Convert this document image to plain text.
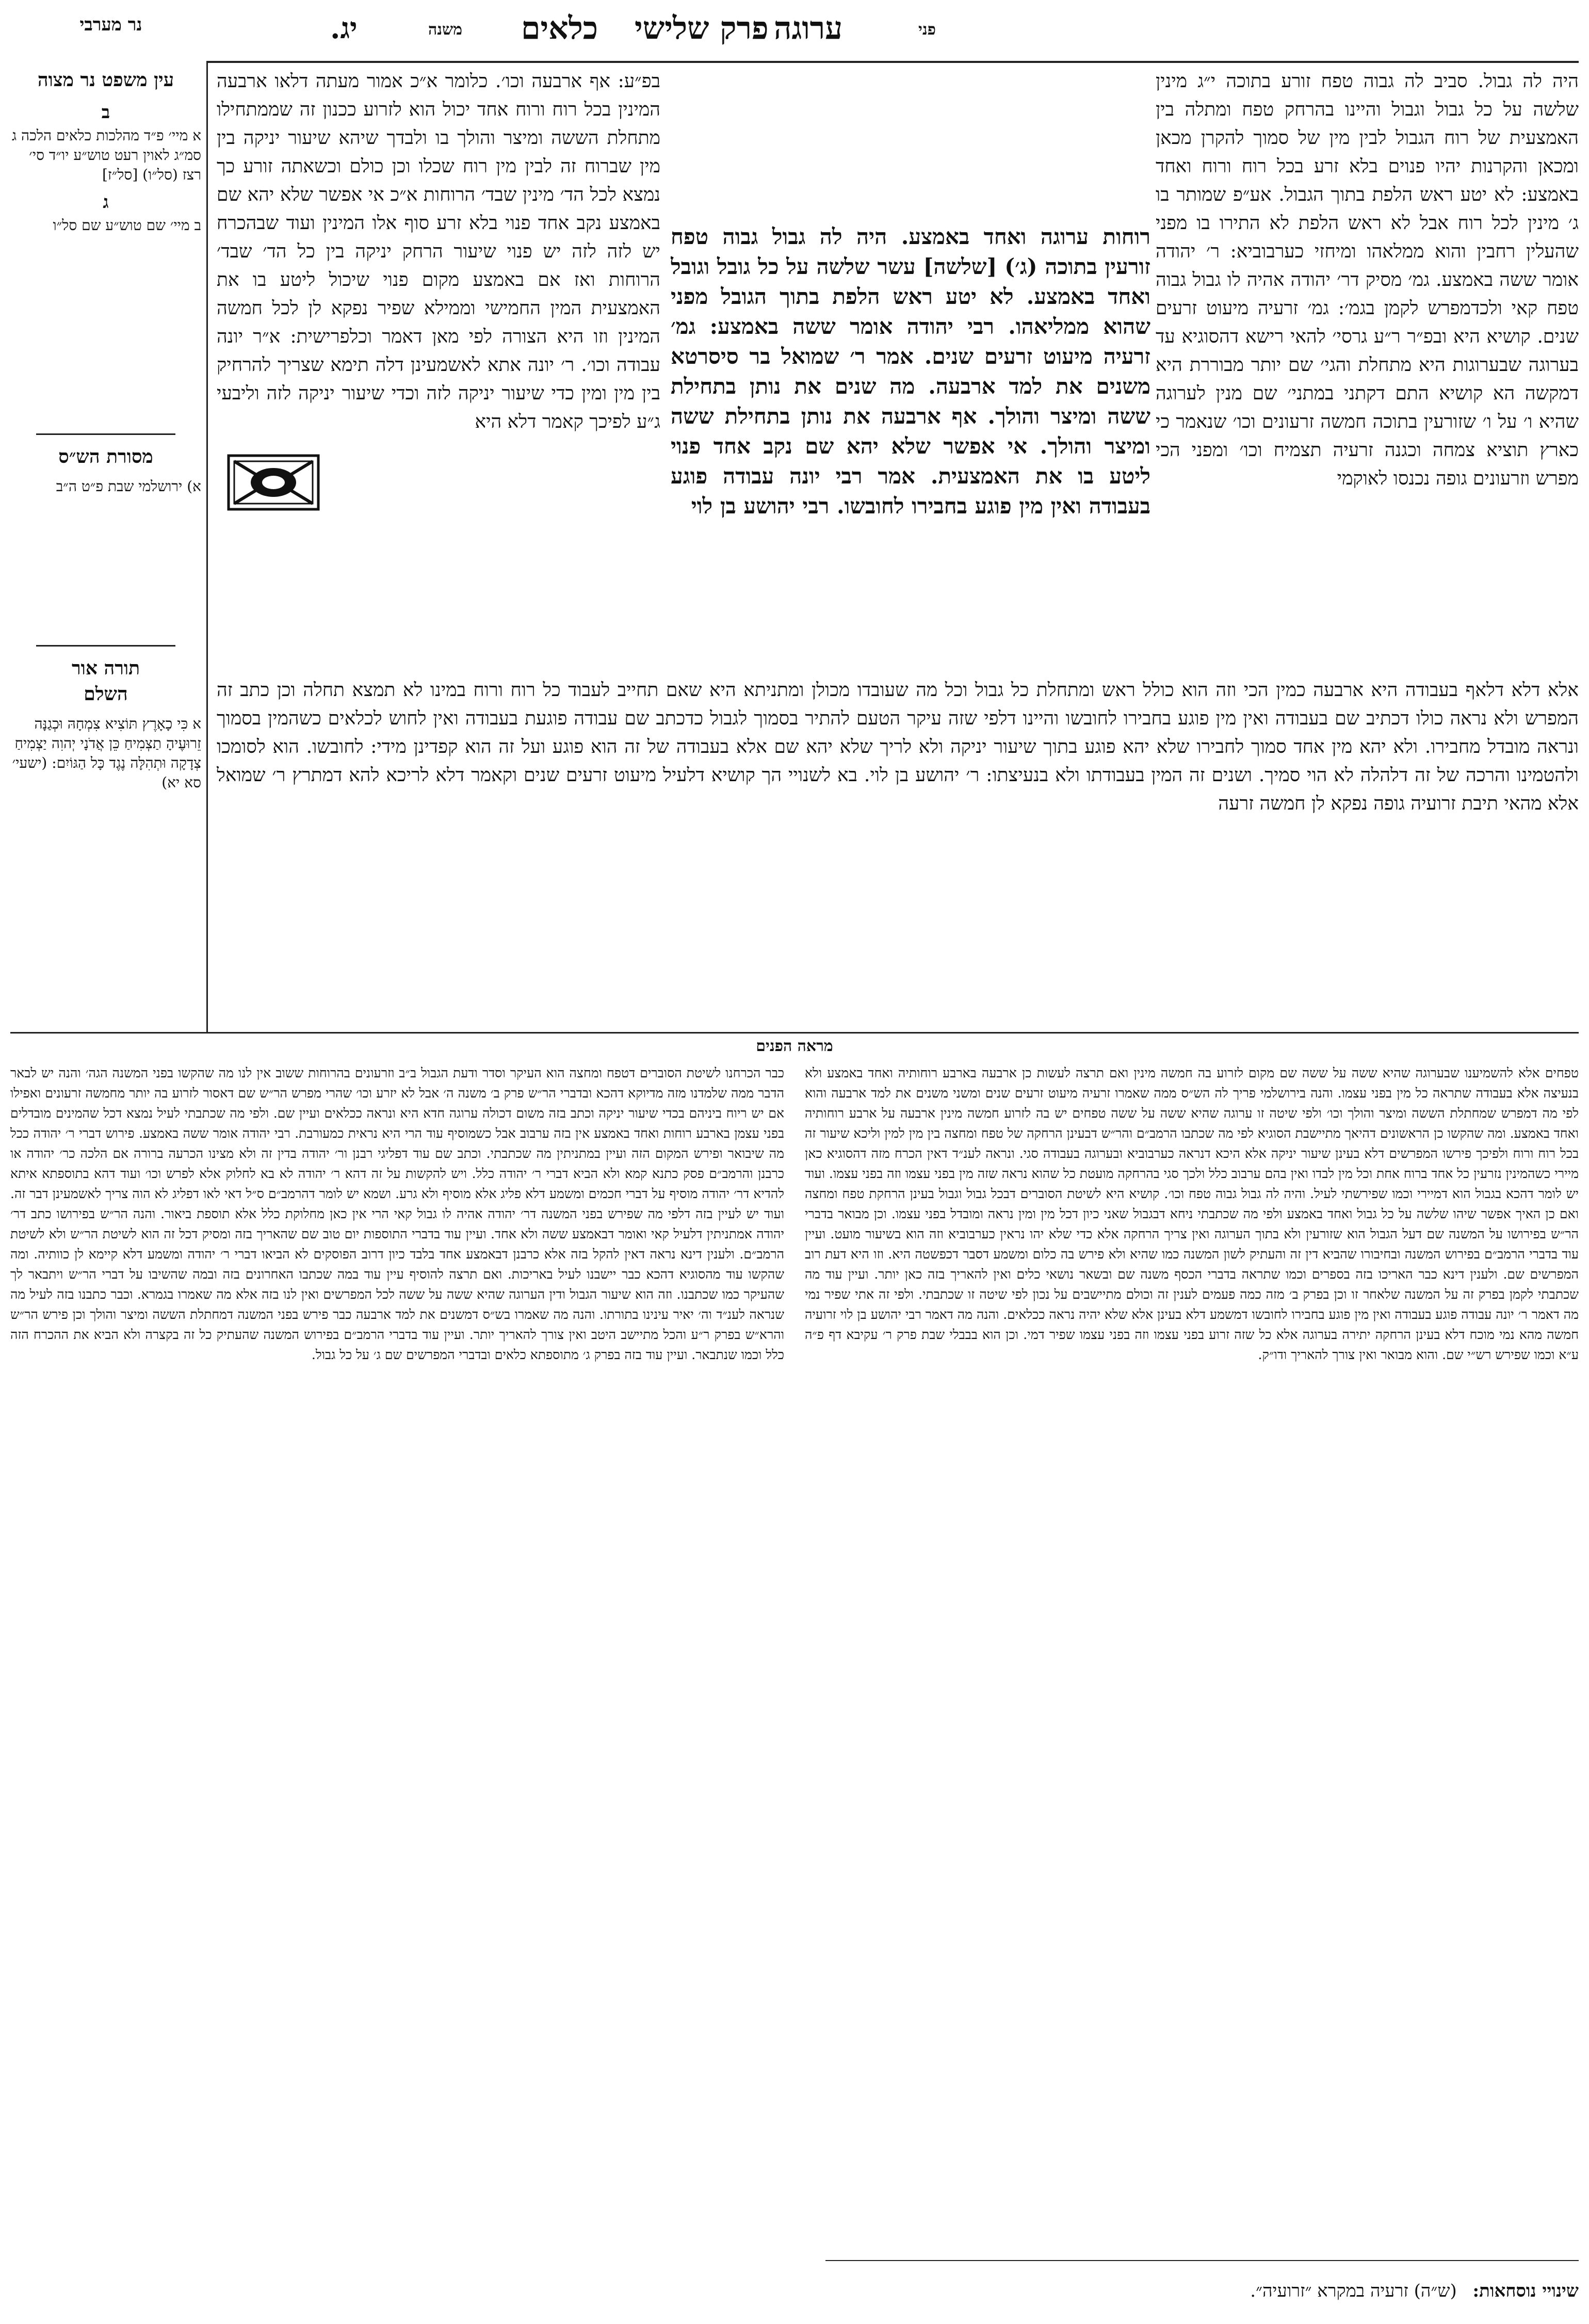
פני
ערוגה
פרק שלישי
כלאים
משנה
יג.
נר מערבי
עין משפט נר מצוה
ב
א מיי׳ פ״ד מהלכות כלאים הלכה ג סמ״ג לאוין רעט טוש״ע יו״ד סי׳ רצז (סל״ו) [סל״ז]
ג
ב מיי׳ שם טוש״ע שם סל״ו
מסורת הש״ס
א) ירושלמי שבת פ״ט ה״ב
תורה אור השלם
א כִּי כָאָרֶץ תּוֹצִיא צִמְחָהּ וּכְגַנָּה זֵרוּעֶיהָ תַצְמִיחַ כֵּן אֲדֹנָי יְהוִה יַצְמִיחַ צְדָקָה וּתְהִלָּה נֶגֶד כָּל הַגּוֹיִם: (ישעי׳ סא יא)

היה לה גבול. סביב לה גבוה טפח זורע בתוכה י״ג מינין שלשה על כל גבול וגבול והיינו בהרחק טפח ומתלה בין האמצעית של רוח הגבול לבין מין של סמוך להקרן מכאן ומכאן והקרנות יהיו פנוים בלא זרע בכל רוח ורוח ואחד באמצע: לא יטע ראש הלפת בתוך הגבול. אע״פ שמותר בו ג׳ מינין לכל רוח אבל לא ראש הלפת לא התירו בו מפני שהעלין רחבין והוא ממלאהו ומיחזי כערבוביא: ר׳ יהודה אומר ששה באמצע. גמ׳ מסיק דר׳ יהודה אהיה לו גבול גבוה טפח קאי ולכדמפרש לקמן בגמ׳: גמ׳ זרעיה מיעוט זרעים שנים. קושיא היא ובפ״ר ר״ע גרסי׳ להאי רישא דהסוגיא עד בערוגה שבערוגות היא מתחלת והגי׳ שם יותר מבוררת היא דמקשה הא קושיא התם דקתני במתני׳ שם מנין לערוגה שהיא ו׳ על ו׳ שזורעין בתוכה חמשה זרעונים וכו׳ שנאמר כי כארץ תוציא צמחה וכגנה זרעיה תצמיח וכו׳ ומפני הכי מפרש וזרעונים גופה נכנסו לאוקמי

רוחות ערוגה ואחד באמצע. היה לה גבול גבוה טפח זורעין בתוכה (ג׳) [שלשה] עשר שלשה על כל גובל וגובל ואחד באמצע. לא יטע ראש הלפת בתוך הגובל מפני שהוא ממליאהו. רבי יהודה אומר ששה באמצע: גמ׳ זרעיה מיעוט זרעים שנים. אמר ר׳ שמואל בר סיסרטא משנים את למד ארבעה. מה שנים את נותן בתחילת ששה ומיצר והולך. אף ארבעה את נותן בתחילת ששה ומיצר והולך. אי אפשר שלא יהא שם נקב אחד פנוי ליטע בו את האמצעית. אמר רבי יונה עבודה פוגע בעבודה ואין מין פוגע בחבירו לחובשו. רבי יהושע בן לוי

בפ״ע: אף ארבעה וכו׳. כלומר א״כ אמור מעתה דלאו ארבעה המינין בכל רוח ורוח אחד יכול הוא לזרוע ככנון זה שממתחילו מתחלת הששה ומיצר והולך בו ולבדך שיהא שיעור יניקה בין מין שברוח זה לבין מין רוח שכלו וכן כולם וכשאתה זורע כך נמצא לכל הד׳ מינין שבד׳ הרוחות א״כ אי אפשר שלא יהא שם באמצע נקב אחד פנוי בלא זרע סוף אלו המינין ועוד שבהכרח יש לזה לזה יש פנוי שיעור הרחק יניקה בין כל הד׳ שבד׳ הרוחות ואז אם באמצע מקום פנוי שיכול ליטע בו את האמצעית המין החמישי וממילא שפיר נפקא לן לכל חמשה המינין וזו היא הצורה לפי מאן דאמר וכלפרישית: א״ר יונה עבודה וכו׳. ר׳ יונה אתא לאשמעינן דלה תימא שצריך להרחיק בין מין ומין כדי שיעור יניקה לזה וכדי שיעור יניקה לזה וליבעי ג״ע לפיכך קאמר דלא היא

אלא דלא דלאף בעבודה היא ארבעה כמין הכי וזה הוא כולל ראש ומתחלת כל גבול וכל מה שעובדו מכולן ומתניתא היא שאם תחייב לעבוד כל רוח ורוח במינו לא תמצא תחלה וכן כתב זה המפרש ולא נראה כולו דכתיב שם בעבודה ואין מין פוגע בחבירו לחובשו והיינו דלפי שזה עיקר הטעם להתיר בסמוך לגבול כדכתב שם עבודה פוגעת בעבודה ואין לחוש לכלאים כשהמין בסמוך ונראה מובדל מחבירו. ולא יהא מין אחד סמוך לחבירו שלא יהא פוגע בתוך שיעור יניקה ולא לריך שלא יהא שם אלא בעבודה של זה הוא פוגע ועל זה הוא קפדינן מידי: לחובשו. הוא לסומכו ולהטמינו והרכה של זה דלהלה לא הוי סמיך. ושנים זה המין בעבודתו ולא בנעיצתו: ר׳ יהושע בן לוי. בא לשנויי הך קושיא דלעיל מיעוט זרעים שנים וקאמר דלא לריכא להא דמתרץ ר׳ שמואל אלא מהאי תיבת זרועיה גופה נפקא לן חמשה זרעה

מראה הפנים

טפחים אלא להשמיענו שבערוגה שהיא ששה על ששה שם מקום לזרוע בה חמשה מינין ואם תרצה לעשות כן ארבעה בארבע רוחותיה ואחד באמצע ולא בנעיצה אלא בעבודה שתראה כל מין בפני עצמו. והנה בירושלמי פריך לה הש״ס ממה שאמרו זרעיה מיעוט זרעים שנים ומשני משנים את למד ארבעה והוא לפי מה דמפרש שמחתלת הששה ומיצר והולך וכו׳ ולפי שיטה זו ערוגה שהיא ששה על ששה טפחים יש בה לזרוע חמשה מינין ארבעה על ארבע רוחותיה ואחד באמצע. ומה שהקשו כן הראשונים דהיאך מתיישבת הסוגיא לפי מה שכתבו הרמב״ם והר״ש דבעינן הרחקה של טפח ומחצה בין מין למין וליכא שיעור זה בכל רוח ורוח ולפיכך פירשו המפרשים דלא בעינן שיעור יניקה אלא היכא דנראה כערבוביא ובערוגה בעבודה סגי. ונראה לענ״ד דאין הכרח מזה דהסוגיא כאן מיירי כשהמינין נזרעין כל אחד ברוח אחת וכל מין לבדו ואין בהם ערבוב כלל ולכך סגי בהרחקה מועטת כל שהוא נראה שזה מין בפני עצמו וזה בפני עצמו. ועוד יש לומר דהכא בגבול הוא דמיירי וכמו שפירשתי לעיל. והיה לה גבול גבוה טפח וכו׳. קושיא היא לשיטת הסוברים דבכל גבול וגבול בעינן הרחקת טפח ומחצה ואם כן האיך אפשר שיהו שלשה על כל גבול ואחד באמצע ולפי מה שכתבתי ניחא דבגבול שאני כיון דכל מין ומין נראה ומובדל בפני עצמו. וכן מבואר בדברי הר״ש בפירושו על המשנה שם דעל הגבול הוא שזורעין ולא בתוך הערוגה ואין צריך הרחקה אלא כדי שלא יהו נראין כערבוביא וזה הוא בשיעור מועט. ועיין עוד בדברי הרמב״ם בפירוש המשנה ובחיבורו שהביא דין זה והעתיק לשון המשנה כמו שהיא ולא פירש בה כלום ומשמע דסבר דכפשטה היא. וזו היא דעת רוב המפרשים שם. ולענין דינא כבר האריכו בזה בספרים וכמו שתראה בדברי הכסף משנה שם ובשאר נושאי כלים ואין להאריך בזה כאן יותר. ועיין עוד מה שכתבתי לקמן בפרק זה על המשנה שלאחר זו וכן בפרק ב׳ מזה כמה פעמים לענין זה וכולם מתיישבים על נכון לפי שיטה זו שכתבתי. ולפי זה אתי שפיר נמי מה דאמר ר׳ יונה עבודה פוגע בעבודה ואין מין פוגע בחבירו לחובשו דמשמע דלא בעינן אלא שלא יהיה נראה ככלאים. והנה מה דאמר רבי יהושע בן לוי זרועיה חמשה מהא נמי מוכח דלא בעינן הרחקה יתירה בערוגה אלא כל שזה זרוע בפני עצמו וזה בפני עצמו שפיר דמי. וכן הוא בבבלי שבת פרק ר׳ עקיבא דף פ״ה ע״א וכמו שפירש רש״י שם. והוא מבואר ואין צורך להאריך ודו״ק.

כבר הכרחנו לשיטת הסוברים דטפח ומחצה הוא העיקר וסדר ודעת הגבול ב״ב וזרעונים בהרוחות ששוב אין לנו מה שהקשו בפני המשנה הגה׳ והנה יש לבאר הדבר ממה שלמדנו מזה מדיוקא דהכא ובדברי הר״ש פרק ב׳ משנה ה׳ אבל לא יזרע וכו׳ שהרי מפרש הר״ש שם דאסור לזרוע בה יותר מחמשה זרעונים ואפילו אם יש ריוח ביניהם בכדי שיעור יניקה וכתב בזה משום דכולה ערוגה חדא היא ונראה ככלאים ועיין שם. ולפי מה שכתבתי לעיל נמצא דכל שהמינים מובדלים בפני עצמן בארבע רוחות ואחד באמצע אין בזה ערבוב אבל כשמוסיף עוד הרי היא נראית כמעורבת. רבי יהודה אומר ששה באמצע. פירוש דברי ר׳ יהודה ככל מה שיבואר ופירש המקום הזה ועיין במתניתין מה שכתבתי. וכתב שם עוד דפליגי רבנן ור׳ יהודה בדין זה ולא מצינו הכרעה ברורה אם הלכה כר׳ יהודה או כרבנן והרמב״ם פסק כתנא קמא ולא הביא דברי ר׳ יהודה כלל. ויש להקשות על זה דהא ר׳ יהודה לא בא לחלוק אלא לפרש וכו׳ ועוד דהא בתוספתא איתא להדיא דר׳ יהודה מוסיף על דברי חכמים ומשמע דלא פליג אלא מוסיף ולא גרע. ושמא יש לומר דהרמב״ם ס״ל דאי לאו דפליג לא הוה צריך לאשמעינן דבר זה. ועוד יש לעיין בזה דלפי מה שפירש בפני המשנה דר׳ יהודה אהיה לו גבול קאי הרי אין כאן מחלוקת כלל אלא תוספת ביאור. והנה הר״ש בפירושו כתב דר׳ יהודה אמתניתין דלעיל קאי ואומר דבאמצע ששה ולא אחד. ועיין עוד בדברי התוספות יום טוב שם שהאריך בזה ומסיק דכל זה הוא לשיטת הר״ש ולא לשיטת הרמב״ם. ולענין דינא נראה דאין להקל בזה אלא כרבנן דבאמצע אחד בלבד כיון דרוב הפוסקים לא הביאו דברי ר׳ יהודה ומשמע דלא קיימא לן כוותיה. ומה שהקשו עוד מהסוגיא דהכא כבר יישבנו לעיל באריכות. ואם תרצה להוסיף עיין עוד במה שכתבו האחרונים בזה ובמה שהשיבו על דברי הר״ש ויתבאר לך שהעיקר כמו שכתבנו. וזה הוא שיעור הגבול ודין הערוגה שהיא ששה על ששה לכל המפרשים ואין לנו בזה אלא מה שאמרו בגמרא. וכבר כתבנו בזה לעיל מה שנראה לענ״ד וה׳ יאיר עינינו בתורתו. והנה מה שאמרו בש״ס דמשנים את למד ארבעה כבר פירש בפני המשנה דמחתלת הששה ומיצר והולך וכן פירש הר״ש והרא״ש בפרק ר״ע והכל מתיישב היטב ואין צורך להאריך יותר. ועיין עוד בדברי הרמב״ם בפירוש המשנה שהעתיק כל זה בקצרה ולא הביא את ההכרח הזה כלל וכמו שנתבאר. ועיין עוד בזה בפרק ג׳ מתוספתא כלאים ובדברי המפרשים שם ג׳ על כל גבול.

שינויי נוסחאות: (ש״ה) זרעיה במקרא ״זרועיה״.
